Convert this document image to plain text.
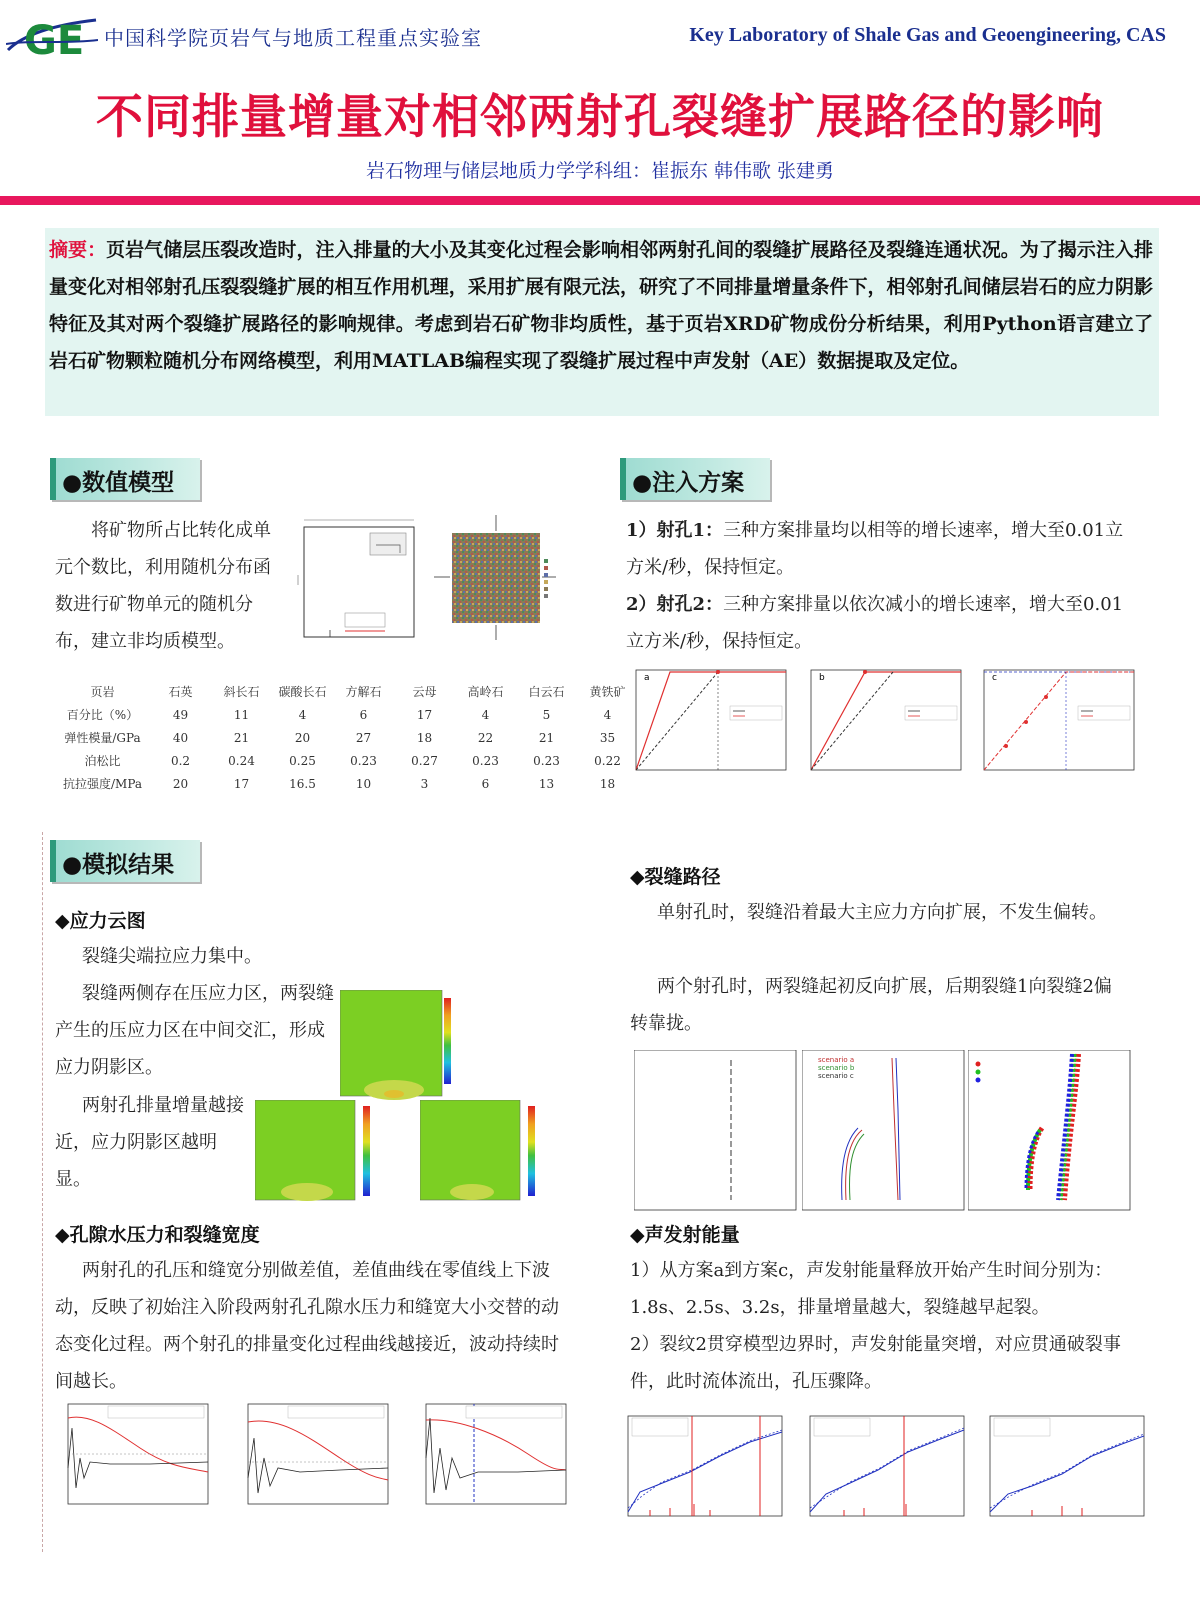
GE 中国科学院页岩气与地质工程重点实验室	Key Laboratory of Shale Gas and Geoengineering, CAS
不同排量增量对相邻两射孔裂缝扩展路径的影响
岩石物理与储层地质力学学科组：崔振东 韩伟歌 张建勇
摘要：页岩气储层压裂改造时，注入排量的大小及其变化过程会影响相邻两射孔间的裂缝扩展路径及裂缝连通状况。为了揭示注入排量变化对相邻射孔压裂裂缝扩展的相互作用机理，采用扩展有限元法，研究了不同排量增量条件下，相邻射孔间储层岩石的应力阴影特征及其对两个裂缝扩展路径的影响规律。考虑到岩石矿物非均质性，基于页岩XRD矿物成份分析结果，利用Python语言建立了岩石矿物颗粒随机分布网络模型，利用MATLAB编程实现了裂缝扩展过程中声发射（AE）数据提取及定位。
●数值模型
将矿物所占比转化成单元个数比，利用随机分布函数进行矿物单元的随机分布，建立非均质模型。
页岩	石英	斜长石	碳酸长石	方解石	云母	高岭石	白云石	黄铁矿
百分比（%）	49	11	4	6	17	4	5	4
弹性模量/GPa	40	21	20	27	18	22	21	35
泊松比	0.2	0.24	0.25	0.23	0.27	0.23	0.23	0.22
抗拉强度/MPa	20	17	16.5	10	3	6	13	18
●注入方案
1）射孔1：三种方案排量均以相等的增长速率，增大至0.01立方米/秒，保持恒定。
2）射孔2：三种方案排量以依次减小的增长速率，增大至0.01立方米/秒，保持恒定。
a	b	c
●模拟结果
◆应力云图
裂缝尖端拉应力集中。
裂缝两侧存在压应力区，两裂缝产生的压应力区在中间交汇，形成应力阴影区。
两射孔排量增量越接近，应力阴影区越明显。
◆孔隙水压力和裂缝宽度
两射孔的孔压和缝宽分别做差值，差值曲线在零值线上下波动，反映了初始注入阶段两射孔孔隙水压力和缝宽大小交替的动态变化过程。两个射孔的排量变化过程曲线越接近，波动持续时间越长。
◆裂缝路径
单射孔时，裂缝沿着最大主应力方向扩展，不发生偏转。
两个射孔时，两裂缝起初反向扩展，后期裂缝1向裂缝2偏转靠拢。
scenario a
scenario b
scenario c
◆声发射能量
1）从方案a到方案c，声发射能量释放开始产生时间分别为：1.8s、2.5s、3.2s，排量增量越大，裂缝越早起裂。
2）裂纹2贯穿模型边界时，声发射能量突增，对应贯通破裂事件，此时流体流出，孔压骤降。
